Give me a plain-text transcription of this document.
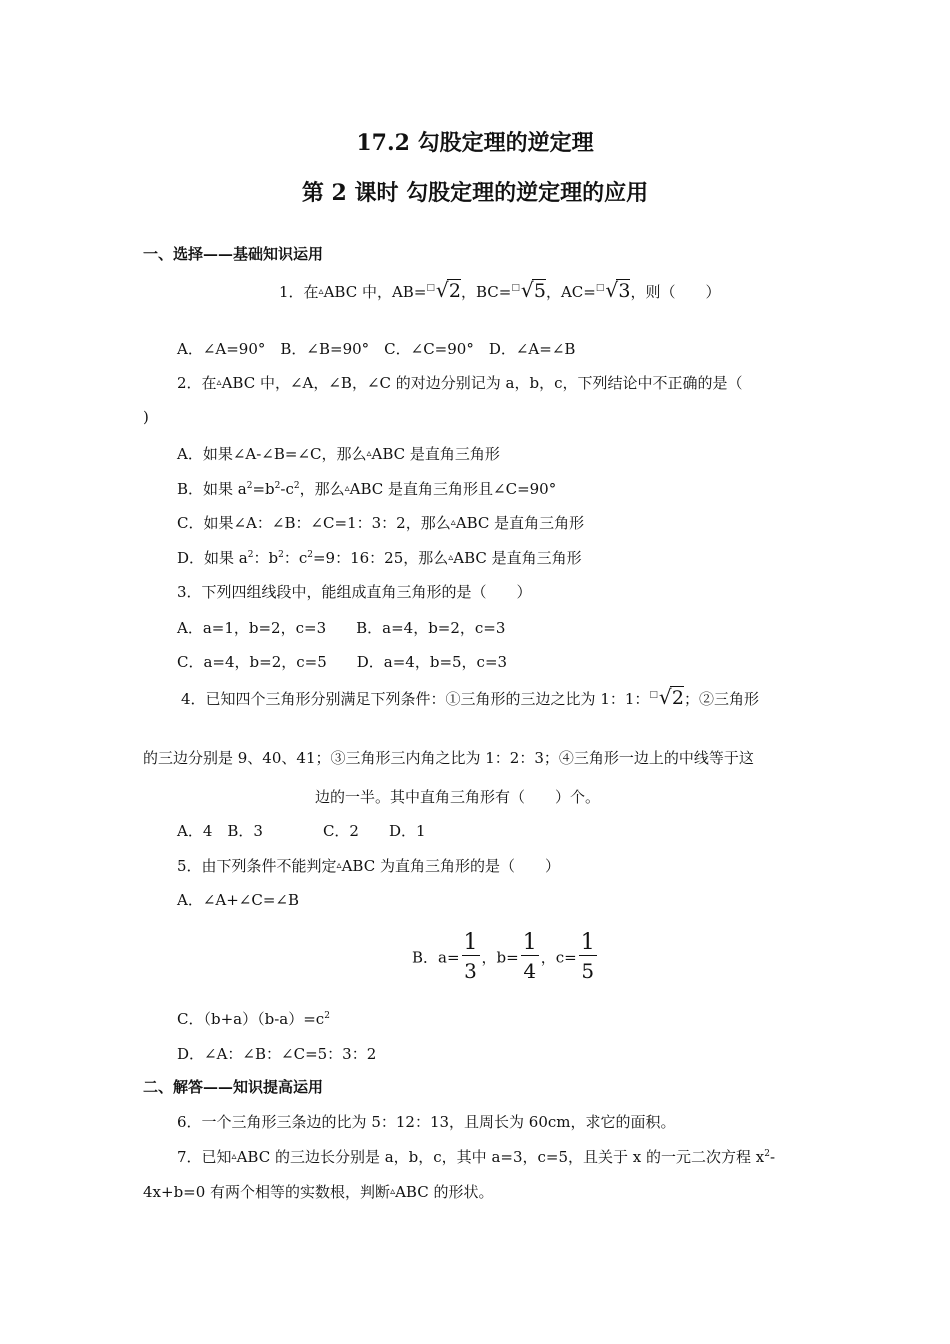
17.2 勾股定理的逆定理
第 2 课时 勾股定理的逆定理的应用
一、选择——基础知识运用
1．在▵ABC 中，AB=□ √ 2，BC=□ √ 5，AC=□ √ 3，则（　　）
A．∠A=90°　B．∠B=90°　C．∠C=90°　D．∠A=∠B
2．在▵ABC 中，∠A，∠B，∠C 的对边分别记为 a，b，c，下列结论中不正确的是（
)
A．如果∠A-∠B=∠C，那么▵ABC 是直角三角形
B．如果 $a^2=b^2-c^2$，那么▵ABC 是直角三角形且∠C=90°
C．如果∠A：∠B：∠C=1：3：2，那么▵ABC 是直角三角形
D．如果 $a^2$：$b^2$：$c^2=9$：16：25，那么▵ABC 是直角三角形
3．下列四组线段中，能组成直角三角形的是（　　）
A．a=1，b=2，c=3　　B．a=4，b=2，c=3
C．a=4，b=2，c=5　　D．a=4，b=5，c=3
4．已知四个三角形分别满足下列条件：①三角形的三边之比为 1：1：□ √ 2；②三角形
的三边分别是 9、40、41；③三角形三内角之比为 1：2：3；④三角形一边上的中线等于这
边的一半。其中直角三角形有（　　）个。
A．4　B．3　　　　C．2　　D．1
5．由下列条件不能判定▵ABC 为直角三角形的是（　　）
A．∠A+∠C=∠B
B．$a= \frac{1}{3}$ ，$b= \frac{1}{4}$ ，$c= \frac{1}{5}$
C．$(b+a)(b-a)=c^2$
D．∠A：∠B：∠C=5：3：2
二、解答——知识提高运用
6．一个三角形三条边的比为 5：12：13，且周长为 60cm，求它的面积。
7．已知▵ABC 的三边长分别是 a，b，c，其中 a=3，c=5，且关于 x 的一元二次方程 $x^2-$
4x+b=0 有两个相等的实数根，判断▵ABC 的形状。
